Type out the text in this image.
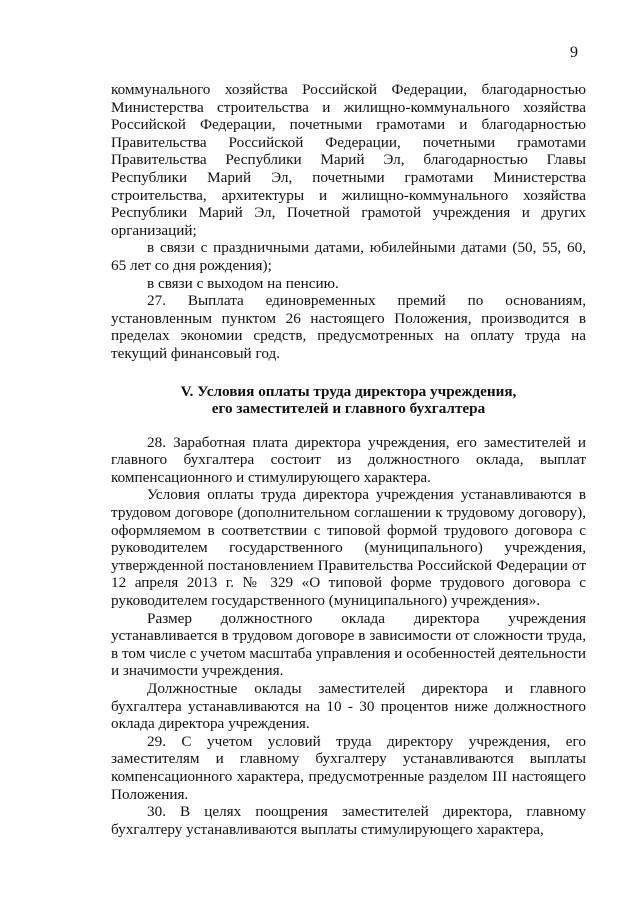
9

коммунального хозяйства Российской Федерации, благодарностью Министерства строительства и жилищно-коммунального хозяйства Российской Федерации, почетными грамотами и благодарностью Правительства Российской Федерации, почетными грамотами Правительства Республики Марий Эл, благодарностью Главы Республики Марий Эл, почетными грамотами Министерства строительства, архитектуры и жилищно-коммунального хозяйства Республики Марий Эл, Почетной грамотой учреждения и других организаций;

в связи с праздничными датами, юбилейными датами (50, 55, 60, 65 лет со дня рождения);

в связи с выходом на пенсию.

27. Выплата единовременных премий по основаниям, установленным пунктом 26 настоящего Положения, производится в пределах экономии средств, предусмотренных на оплату труда на текущий финансовый год.

V. Условия оплаты труда директора учреждения,
его заместителей и главного бухгалтера

28. Заработная плата директора учреждения, его заместителей и главного бухгалтера состоит из должностного оклада, выплат компенсационного и стимулирующего характера.

Условия оплаты труда директора учреждения устанавливаются в трудовом договоре (дополнительном соглашении к трудовому договору), оформляемом в соответствии с типовой формой трудового договора с руководителем государственного (муниципального) учреждения, утвержденной постановлением Правительства Российской Федерации от 12 апреля 2013 г. № 329 «О типовой форме трудового договора с руководителем государственного (муниципального) учреждения».

Размер должностного оклада директора учреждения устанавливается в трудовом договоре в зависимости от сложности труда, в том числе с учетом масштаба управления и особенностей деятельности и значимости учреждения.

Должностные оклады заместителей директора и главного бухгалтера устанавливаются на 10 - 30 процентов ниже должностного оклада директора учреждения.

29. С учетом условий труда директору учреждения, его заместителям и главному бухгалтеру устанавливаются выплаты компенсационного характера, предусмотренные разделом III настоящего Положения.

30. В целях поощрения заместителей директора, главному бухгалтеру устанавливаются выплаты стимулирующего характера,
